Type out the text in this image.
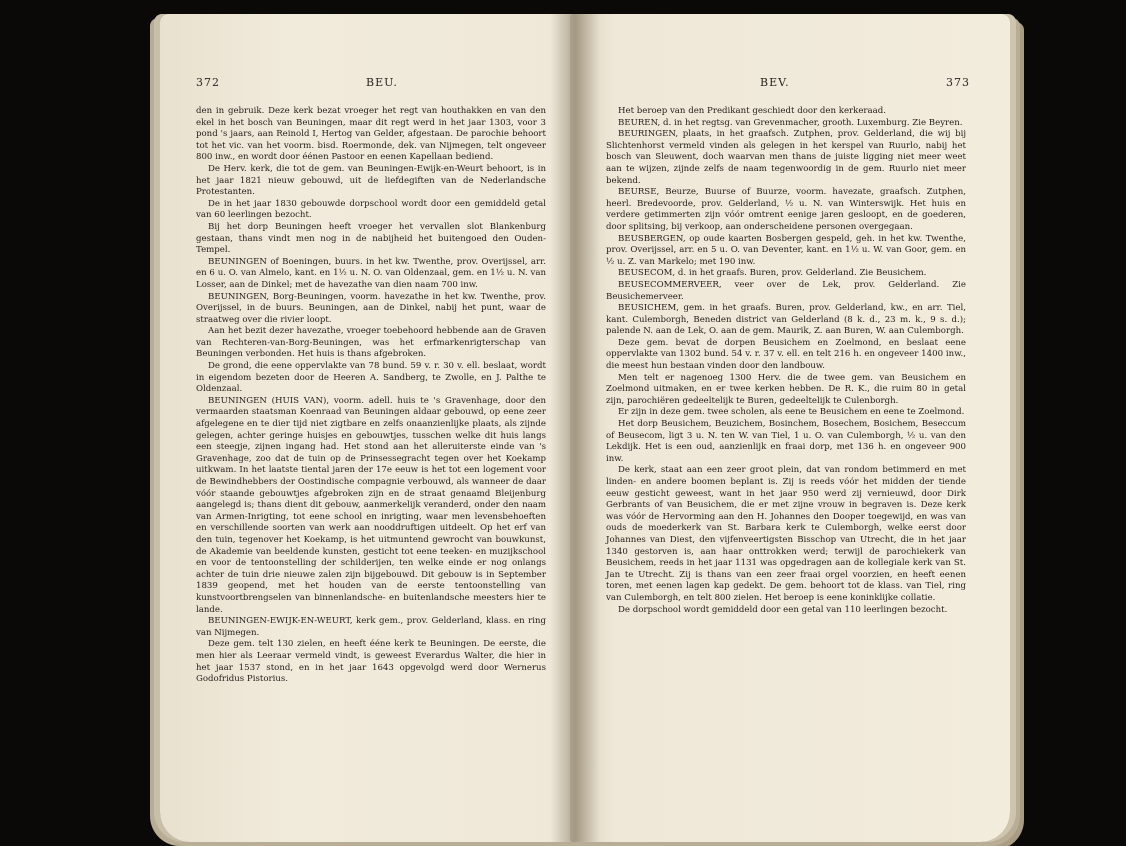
372	BEU.

den in gebruik. Deze kerk bezat vroeger het regt van houthakken en van den ekel in het bosch van Beuningen, maar dit regt werd in het jaar 1303, voor 3 pond 's jaars, aan Reinold I, Hertog van Gelder, afgestaan. De parochie behoort tot het vic. van het voorm. bisd. Roermonde, dek. van Nijmegen, telt ongeveer 800 inw., en wordt door éénen Pastoor en eenen Kapellaan bediend.

De Herv. kerk, die tot de gem. van Beuningen-Ewijk-en-Weurt behoort, is in het jaar 1821 nieuw gebouwd, uit de liefdegiften van de Nederlandsche Protestanten.

De in het jaar 1830 gebouwde dorpschool wordt door een gemiddeld getal van 60 leerlingen bezocht.

Bij het dorp Beuningen heeft vroeger het vervallen slot Blankenburg gestaan, thans vindt men nog in de nabijheid het buitengoed den Ouden-Tempel.

BEUNINGEN of Boeningen, buurs. in het kw. Twenthe, prov. Overijssel, arr. en 6 u. O. van Almelo, kant. en 1½ u. N. O. van Oldenzaal, gem. en 1½ u. N. van Losser, aan de Dinkel; met de havezathe van dien naam 700 inw.

BEUNINGEN, Borg-Beuningen, voorm. havezathe in het kw. Twenthe, prov. Overijssel, in de buurs. Beuningen, aan de Dinkel, nabij het punt, waar de straatweg over die rivier loopt.

Aan het bezit dezer havezathe, vroeger toebehoord hebbende aan de Graven van Rechteren-van-Borg-Beuningen, was het erfmarkenrigterschap van Beuningen verbonden. Het huis is thans afgebroken.

De grond, die eene oppervlakte van 78 bund. 59 v. r. 30 v. ell. beslaat, wordt in eigendom bezeten door de Heeren A. Sandberg, te Zwolle, en J. Palthe te Oldenzaal.

BEUNINGEN (HUIS VAN), voorm. adell. huis te 's Gravenhage, door den vermaarden staatsman Koenraad van Beuningen aldaar gebouwd, op eene zeer afgelegene en te dier tijd niet zigtbare en zelfs onaanzienlijke plaats, als zijnde gelegen, achter geringe huisjes en gebouwtjes, tusschen welke dit huis langs een steegje, zijnen ingang had. Het stond aan het alleruiterste einde van 's Gravenhage, zoo dat de tuin op de Prinsessegracht tegen over het Koekamp uitkwam. In het laatste tiental jaren der 17e eeuw is het tot een logement voor de Bewindhebbers der Oostindische compagnie verbouwd, als wanneer de daar vóór staande gebouwtjes afgebroken zijn en de straat genaamd Bleijenburg aangelegd is; thans dient dit gebouw, aanmerkelijk veranderd, onder den naam van Armen-Inrigting, tot eene school en inrigting, waar men levensbehoeften en verschillende soorten van werk aan nooddruftigen uitdeelt. Op het erf van den tuin, tegenover het Koekamp, is het uitmuntend gewrocht van bouwkunst, de Akademie van beeldende kunsten, gesticht tot eene teeken- en muzijkschool en voor de tentoonstelling der schilderijen, ten welke einde er nog onlangs achter de tuin drie nieuwe zalen zijn bijgebouwd. Dit gebouw is in September 1839 geopend, met het houden van de eerste tentoonstelling van kunstvoortbrengselen van binnenlandsche- en buitenlandsche meesters hier te lande.

BEUNINGEN-EWIJK-EN-WEURT, kerk gem., prov. Gelderland, klass. en ring van Nijmegen.

Deze gem. telt 130 zielen, en heeft ééne kerk te Beuningen. De eerste, die men hier als Leeraar vermeld vindt, is geweest Everardus Walter, die hier in het jaar 1537 stond, en in het jaar 1643 opgevolgd werd door Wernerus Godofridus Pistorius.

BEV.	373

Het beroep van den Predikant geschiedt door den kerkeraad.

BEUREN, d. in het regtsg. van Grevenmacher, grooth. Luxemburg. Zie Beyren.

BEURINGEN, plaats, in het graafsch. Zutphen, prov. Gelderland, die wij bij Slichtenhorst vermeld vinden als gelegen in het kerspel van Ruurlo, nabij het bosch van Sleuwent, doch waarvan men thans de juiste ligging niet meer weet aan te wijzen, zijnde zelfs de naam tegenwoordig in de gem. Ruurlo niet meer bekend.

BEURSE, Beurze, Buurse of Buurze, voorm. havezate, graafsch. Zutphen, heerl. Bredevoorde, prov. Gelderland, ½ u. N. van Winterswijk. Het huis en verdere getimmerten zijn vóór omtrent eenige jaren gesloopt, en de goederen, door splitsing, bij verkoop, aan onderscheidene personen overgegaan.

BEUSBERGEN, op oude kaarten Bosbergen gespeld, geh. in het kw. Twenthe, prov. Overijssel, arr. en 5 u. O. van Deventer, kant. en 1½ u. W. van Goor, gem. en ½ u. Z. van Markelo; met 190 inw.

BEUSECOM, d. in het graafs. Buren, prov. Gelderland. Zie Beusichem.

BEUSECOMMERVEER, veer over de Lek, prov. Gelderland. Zie Beusichemerveer.

BEUSICHEM, gem. in het graafs. Buren, prov. Gelderland, kw., en arr. Tiel, kant. Culemborgh, Beneden district van Gelderland (8 k. d., 23 m. k., 9 s. d.); palende N. aan de Lek, O. aan de gem. Maurik, Z. aan Buren, W. aan Culemborgh.

Deze gem. bevat de dorpen Beusichem en Zoelmond, en beslaat eene oppervlakte van 1302 bund. 54 v. r. 37 v. ell. en telt 216 h. en ongeveer 1400 inw., die meest hun bestaan vinden door den landbouw.

Men telt er nagenoeg 1300 Herv. die de twee gem. van Beusichem en Zoelmond uitmaken, en er twee kerken hebben. De R. K., die ruim 80 in getal zijn, parochiëren gedeeltelijk te Buren, gedeeltelijk te Culenborgh.

Er zijn in deze gem. twee scholen, als eene te Beusichem en eene te Zoelmond.

Het dorp Beusichem, Beuzichem, Bosinchem, Bosechem, Bosichem, Beseccum of Beusecom, ligt 3 u. N. ten W. van Tiel, 1 u. O. van Culemborgh, ½ u. van den Lekdijk. Het is een oud, aanzienlijk en fraai dorp, met 136 h. en ongeveer 900 inw.

De kerk, staat aan een zeer groot plein, dat van rondom betimmerd en met linden- en andere boomen beplant is. Zij is reeds vóór het midden der tiende eeuw gesticht geweest, want in het jaar 950 werd zij vernieuwd, door Dirk Gerbrants of van Beusichem, die er met zijne vrouw in begraven is. Deze kerk was vóór de Hervorming aan den H. Johannes den Dooper toegewijd, en was van ouds de moederkerk van St. Barbara kerk te Culemborgh, welke eerst door Johannes van Diest, den vijfenveertigsten Bisschop van Utrecht, die in het jaar 1340 gestorven is, aan haar onttrokken werd; terwijl de parochiekerk van Beusichem, reeds in het jaar 1131 was opgedragen aan de kollegiale kerk van St. Jan te Utrecht. Zij is thans van een zeer fraai orgel voorzien, en heeft eenen toren, met eenen lagen kap gedekt. De gem. behoort tot de klass. van Tiel, ring van Culemborgh, en telt 800 zielen. Het beroep is eene koninklijke collatie.

De dorpschool wordt gemiddeld door een getal van 110 leerlingen bezocht.
